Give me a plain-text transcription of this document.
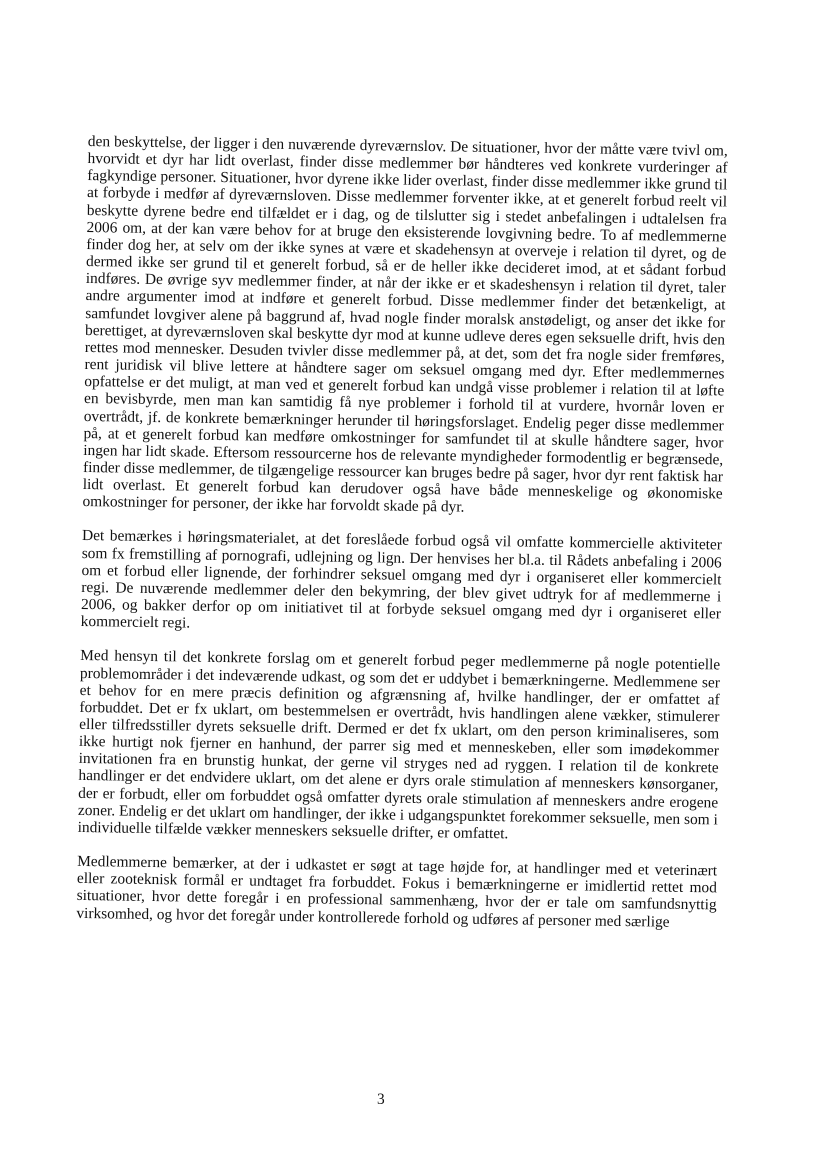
den beskyttelse, der ligger i den nuværende dyreværnslov. De situationer, hvor der måtte være tvivl om, hvorvidt et dyr har lidt overlast, finder disse medlemmer bør håndteres ved konkrete vurderinger af fagkyndige personer. Situationer, hvor dyrene ikke lider overlast, finder disse medlemmer ikke grund til at forbyde i medfør af dyreværnsloven. Disse medlemmer forventer ikke, at et generelt forbud reelt vil beskytte dyrene bedre end tilfældet er i dag, og de tilslutter sig i stedet anbefalingen i udtalelsen fra 2006 om, at der kan være behov for at bruge den eksisterende lovgivning bedre. To af medlemmerne finder dog her, at selv om der ikke synes at være et skadehensyn at overveje i relation til dyret, og de dermed ikke ser grund til et generelt forbud, så er de heller ikke decideret imod, at et sådant forbud indføres. De øvrige syv medlemmer finder, at når der ikke er et skadeshensyn i relation til dyret, taler andre argumenter imod at indføre et generelt forbud. Disse medlemmer finder det betænkeligt, at samfundet lovgiver alene på baggrund af, hvad nogle finder moralsk anstødeligt, og anser det ikke for berettiget, at dyreværnsloven skal beskytte dyr mod at kunne udleve deres egen seksuelle drift, hvis den rettes mod mennesker. Desuden tvivler disse medlemmer på, at det, som det fra nogle sider fremføres, rent juridisk vil blive lettere at håndtere sager om seksuel omgang med dyr. Efter medlemmernes opfattelse er det muligt, at man ved et generelt forbud kan undgå visse problemer i relation til at løfte en bevisbyrde, men man kan samtidig få nye problemer i forhold til at vurdere, hvornår loven er overtrådt, jf. de konkrete bemærkninger herunder til høringsforslaget. Endelig peger disse medlemmer på, at et generelt forbud kan medføre omkostninger for samfundet til at skulle håndtere sager, hvor ingen har lidt skade. Eftersom ressourcerne hos de relevante myndigheder formodentlig er begrænsede, finder disse medlemmer, de tilgængelige ressourcer kan bruges bedre på sager, hvor dyr rent faktisk har lidt overlast. Et generelt forbud kan derudover også have både menneskelige og økonomiske omkostninger for personer, der ikke har forvoldt skade på dyr.

Det bemærkes i høringsmaterialet, at det foreslåede forbud også vil omfatte kommercielle aktiviteter som fx fremstilling af pornografi, udlejning og lign. Der henvises her bl.a. til Rådets anbefaling i 2006 om et forbud eller lignende, der forhindrer seksuel omgang med dyr i organiseret eller kommercielt regi. De nuværende medlemmer deler den bekymring, der blev givet udtryk for af medlemmerne i 2006, og bakker derfor op om initiativet til at forbyde seksuel omgang med dyr i organiseret eller kommercielt regi.

Med hensyn til det konkrete forslag om et generelt forbud peger medlemmerne på nogle potentielle problemområder i det indeværende udkast, og som det er uddybet i bemærkningerne. Medlemmene ser et behov for en mere præcis definition og afgrænsning af, hvilke handlinger, der er omfattet af forbuddet. Det er fx uklart, om bestemmelsen er overtrådt, hvis handlingen alene vækker, stimulerer eller tilfredsstiller dyrets seksuelle drift. Dermed er det fx uklart, om den person kriminaliseres, som ikke hurtigt nok fjerner en hanhund, der parrer sig med et menneskeben, eller som imødekommer invitationen fra en brunstig hunkat, der gerne vil stryges ned ad ryggen. I relation til de konkrete handlinger er det endvidere uklart, om det alene er dyrs orale stimulation af menneskers kønsorganer, der er forbudt, eller om forbuddet også omfatter dyrets orale stimulation af menneskers andre erogene zoner. Endelig er det uklart om handlinger, der ikke i udgangspunktet forekommer seksuelle, men som i individuelle tilfælde vækker menneskers seksuelle drifter, er omfattet.

Medlemmerne bemærker, at der i udkastet er søgt at tage højde for, at handlinger med et veterinært eller zooteknisk formål er undtaget fra forbuddet. Fokus i bemærkningerne er imidlertid rettet mod situationer, hvor dette foregår i en professional sammenhæng, hvor der er tale om samfundsnyttig virksomhed, og hvor det foregår under kontrollerede forhold og udføres af personer med særlige

3
